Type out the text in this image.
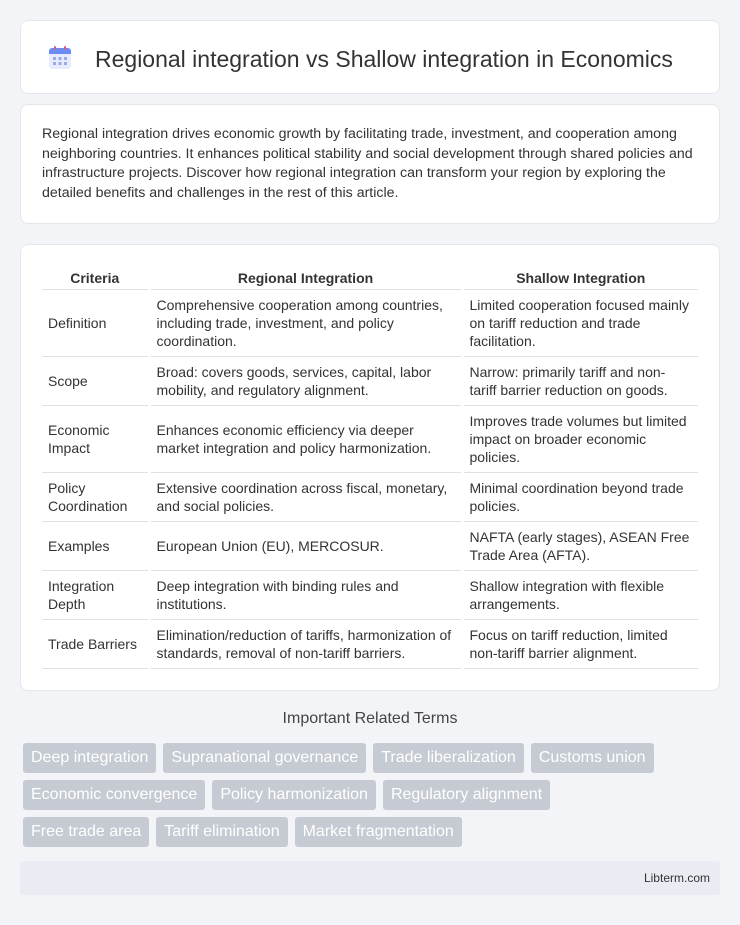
Regional integration vs Shallow integration in Economics

Regional integration drives economic growth by facilitating trade, investment, and cooperation among neighboring countries. It enhances political stability and social development through shared policies and infrastructure projects. Discover how regional integration can transform your region by exploring the detailed benefits and challenges in the rest of this article.

Criteria	Regional Integration	Shallow Integration
Definition	Comprehensive cooperation among countries, including trade, investment, and policy coordination.	Limited cooperation focused mainly on tariff reduction and trade facilitation.
Scope	Broad: covers goods, services, capital, labor mobility, and regulatory alignment.	Narrow: primarily tariff and non-tariff barrier reduction on goods.
Economic Impact	Enhances economic efficiency via deeper market integration and policy harmonization.	Improves trade volumes but limited impact on broader economic policies.
Policy Coordination	Extensive coordination across fiscal, monetary, and social policies.	Minimal coordination beyond trade policies.
Examples	European Union (EU), MERCOSUR.	NAFTA (early stages), ASEAN Free Trade Area (AFTA).
Integration Depth	Deep integration with binding rules and institutions.	Shallow integration with flexible arrangements.
Trade Barriers	Elimination/reduction of tariffs, harmonization of standards, removal of non-tariff barriers.	Focus on tariff reduction, limited non-tariff barrier alignment.
Important Related Terms
Deep integration	Supranational governance	Trade liberalization	Customs union
Economic convergence	Policy harmonization	Regulatory alignment
Free trade area	Tariff elimination	Market fragmentation
Libterm.com
